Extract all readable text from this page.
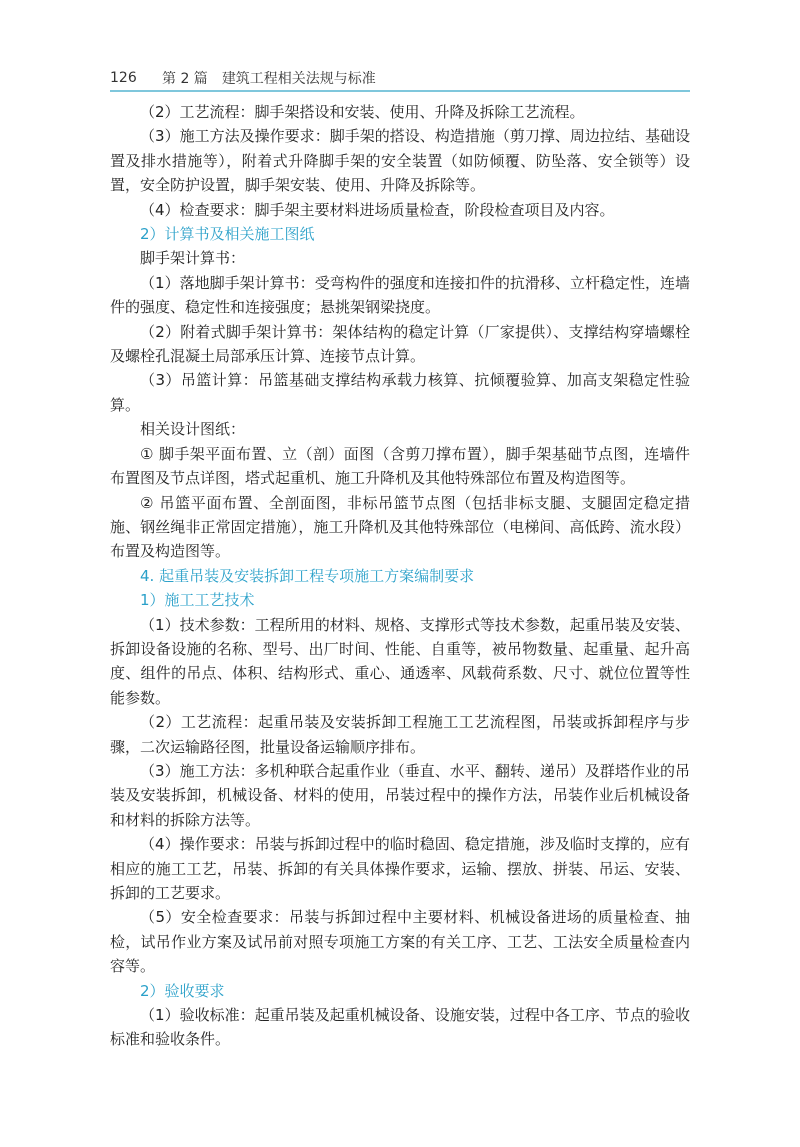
126	第 2 篇 建筑工程相关法规与标准

（2）工艺流程：脚手架搭设和安装、使用、升降及拆除工艺流程。

（3）施工方法及操作要求：脚手架的搭设、构造措施（剪刀撑、周边拉结、基础设置及排水措施等），附着式升降脚手架的安全装置（如防倾覆、防坠落、安全锁等）设置，安全防护设置，脚手架安装、使用、升降及拆除等。

（4）检查要求：脚手架主要材料进场质量检查，阶段检查项目及内容。

2）计算书及相关施工图纸

脚手架计算书：

（1）落地脚手架计算书：受弯构件的强度和连接扣件的抗滑移、立杆稳定性，连墙件的强度、稳定性和连接强度；悬挑架钢梁挠度。

（2）附着式脚手架计算书：架体结构的稳定计算（厂家提供）、支撑结构穿墙螺栓及螺栓孔混凝土局部承压计算、连接节点计算。

（3）吊篮计算：吊篮基础支撑结构承载力核算、抗倾覆验算、加高支架稳定性验算。

相关设计图纸：

① 脚手架平面布置、立（剖）面图（含剪刀撑布置），脚手架基础节点图，连墙件布置图及节点详图，塔式起重机、施工升降机及其他特殊部位布置及构造图等。

② 吊篮平面布置、全剖面图，非标吊篮节点图（包括非标支腿、支腿固定稳定措施、钢丝绳非正常固定措施），施工升降机及其他特殊部位（电梯间、高低跨、流水段）布置及构造图等。

4. 起重吊装及安装拆卸工程专项施工方案编制要求

1）施工工艺技术

（1）技术参数：工程所用的材料、规格、支撑形式等技术参数，起重吊装及安装、拆卸设备设施的名称、型号、出厂时间、性能、自重等，被吊物数量、起重量、起升高度、组件的吊点、体积、结构形式、重心、通透率、风载荷系数、尺寸、就位位置等性能参数。

（2）工艺流程：起重吊装及安装拆卸工程施工工艺流程图，吊装或拆卸程序与步骤，二次运输路径图，批量设备运输顺序排布。

（3）施工方法：多机种联合起重作业（垂直、水平、翻转、递吊）及群塔作业的吊装及安装拆卸，机械设备、材料的使用，吊装过程中的操作方法，吊装作业后机械设备和材料的拆除方法等。

（4）操作要求：吊装与拆卸过程中的临时稳固、稳定措施，涉及临时支撑的，应有相应的施工工艺，吊装、拆卸的有关具体操作要求，运输、摆放、拼装、吊运、安装、拆卸的工艺要求。

（5）安全检查要求：吊装与拆卸过程中主要材料、机械设备进场的质量检查、抽检，试吊作业方案及试吊前对照专项施工方案的有关工序、工艺、工法安全质量检查内容等。

2）验收要求

（1）验收标准：起重吊装及起重机械设备、设施安装，过程中各工序、节点的验收标准和验收条件。
